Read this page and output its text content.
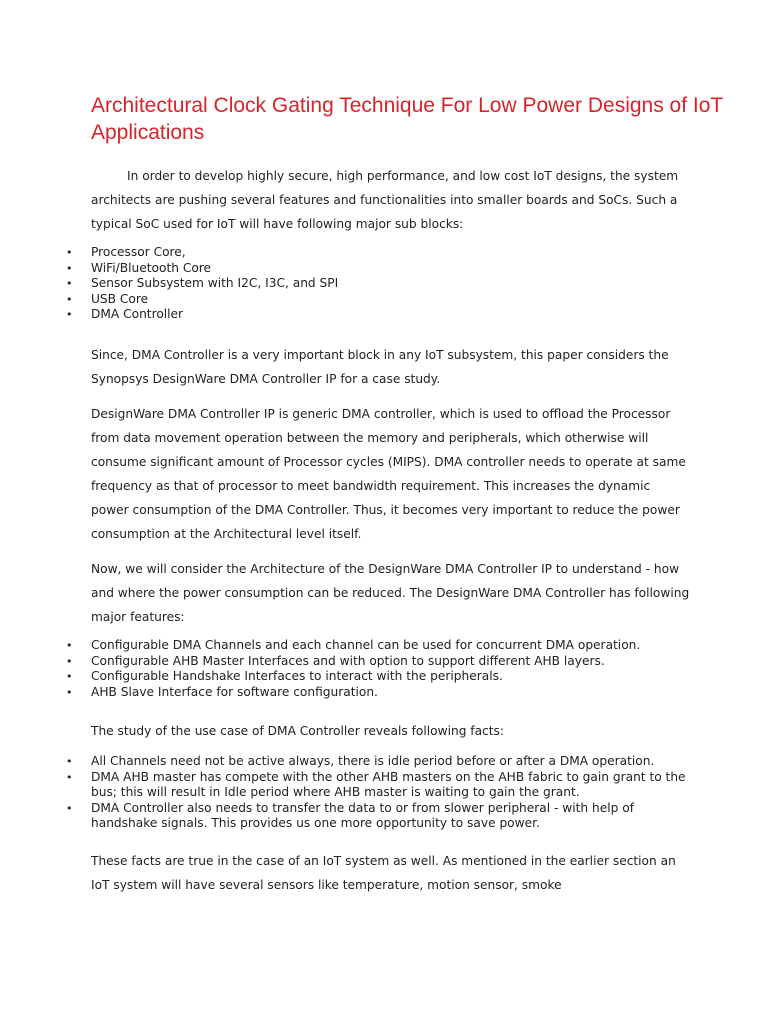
Architectural Clock Gating Technique For Low Power Designs of IoT Applications

In order to develop highly secure, high performance, and low cost IoT designs, the system architects are pushing several features and functionalities into smaller boards and SoCs. Such a typical SoC used for IoT will have following major sub blocks:

• Processor Core,
• WiFi/Bluetooth Core
• Sensor Subsystem with I2C, I3C, and SPI
• USB Core
• DMA Controller

Since, DMA Controller is a very important block in any IoT subsystem, this paper considers the Synopsys DesignWare DMA Controller IP for a case study.

DesignWare DMA Controller IP is generic DMA controller, which is used to offload the Processor from data movement operation between the memory and peripherals, which otherwise will consume significant amount of Processor cycles (MIPS). DMA controller needs to operate at same frequency as that of processor to meet bandwidth requirement. This increases the dynamic power consumption of the DMA Controller. Thus, it becomes very important to reduce the power consumption at the Architectural level itself.

Now, we will consider the Architecture of the DesignWare DMA Controller IP to understand - how and where the power consumption can be reduced. The DesignWare DMA Controller has following major features:

• Configurable DMA Channels and each channel can be used for concurrent DMA operation.
• Configurable AHB Master Interfaces and with option to support different AHB layers.
• Configurable Handshake Interfaces to interact with the peripherals.
• AHB Slave Interface for software configuration.

The study of the use case of DMA Controller reveals following facts:

• All Channels need not be active always, there is idle period before or after a DMA operation.
• DMA AHB master has compete with the other AHB masters on the AHB fabric to gain grant to the bus; this will result in Idle period where AHB master is waiting to gain the grant.
• DMA Controller also needs to transfer the data to or from slower peripheral - with help of handshake signals. This provides us one more opportunity to save power.

These facts are true in the case of an IoT system as well. As mentioned in the earlier section an IoT system will have several sensors like temperature, motion sensor, smoke
